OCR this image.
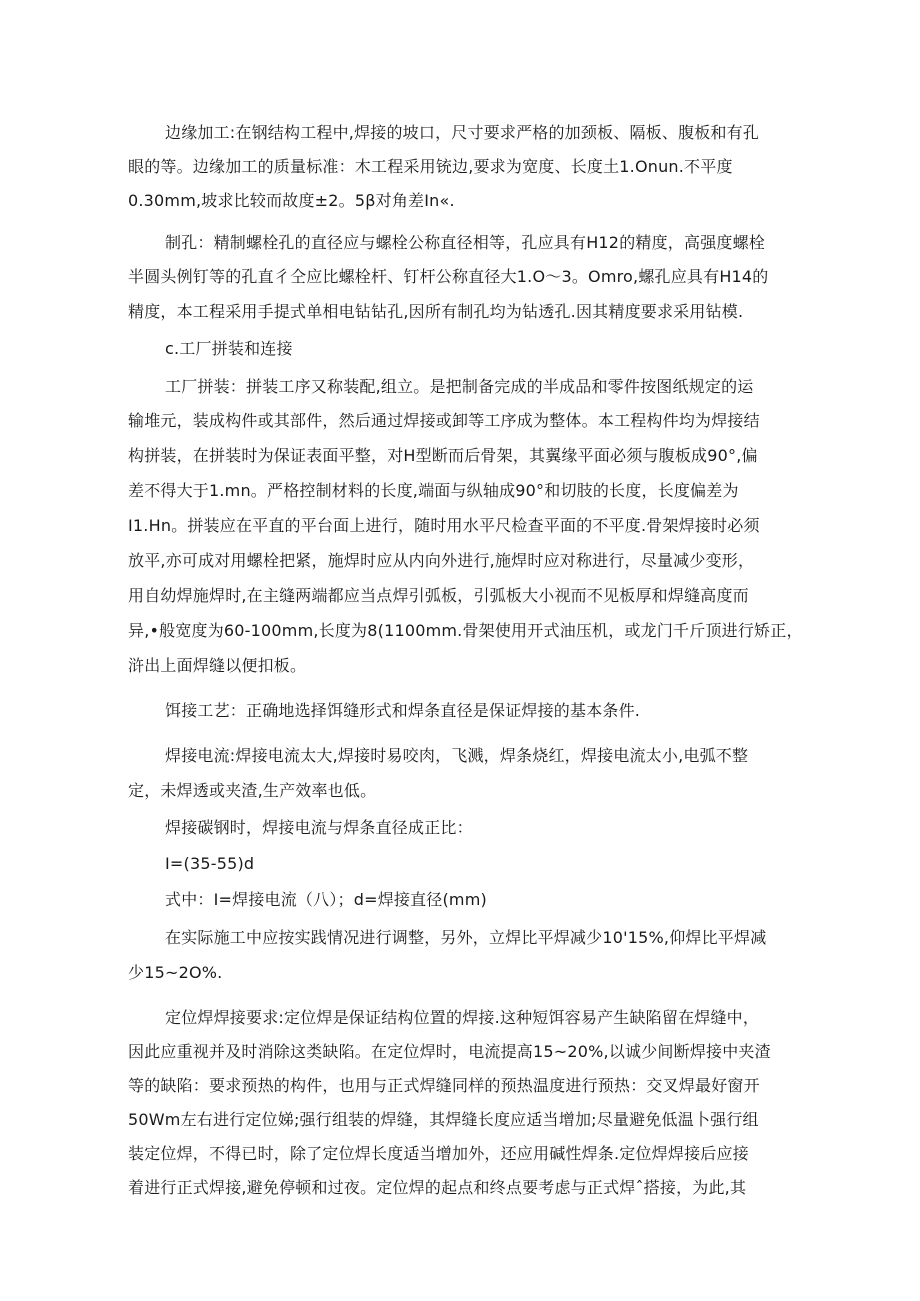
边缘加工:在钢结构工程中,焊接的坡口，尺寸要求严格的加颈板、隔板、腹板和有孔

眼的等。边缘加工的质量标准：木工程采用铳边,要求为宽度、长度土1.Onun.不平度

0.30mm,坡求比较而故度±2。5β对角差In«.

制孔：精制螺栓孔的直径应与螺栓公称直径相等，孔应具有H12的精度，高强度螺栓

半圆头例钉等的孔直彳仝应比螺栓杆、钉杆公称直径大1.O〜3。Omro,螺孔应具有H14的

精度，本工程采用手提式单相电钻钻孔,因所有制孔均为钻透孔.因其精度要求采用钻模.

c.工厂拼装和连接

工厂拼装：拼装工序又称装配,组立。是把制备完成的半成品和零件按图纸规定的运

输堆元，装成构件或其部件，然后通过焊接或卸等工序成为整体。本工程构件均为焊接结

构拼装，在拼装时为保证表面平整，对H型断而后骨架，其翼缘平面必须与腹板成90°,偏

差不得大于1.mn。严格控制材料的长度,端面与纵轴成90°和切肢的长度，长度偏差为

I1.Hn。拼装应在平直的平台面上进行，随时用水平尺检查平面的不平度.骨架焊接时必须

放平,亦可成对用螺栓把紧，施焊时应从内向外进行,施焊时应对称进行，尽量减少变形，

用自幼焊施焊时,在主缝两端都应当点焊引弧板，引弧板大小视而不见板厚和焊缝高度而

异,•般宽度为60-100mm,长度为8(1100mm.骨架使用开式油压机，或龙门千斤顶进行矫正，

浒出上面焊缝以便扣板。

饵接工艺：正确地选择饵缝形式和焊条直径是保证焊接的基本条件.

焊接电流:焊接电流太大,焊接时易咬肉，飞溅，焊条烧红，焊接电流太小,电弧不整

定，未焊透或夹渣,生产效率也低。

焊接碳钢时，焊接电流与焊条直径成正比：

I=(35-55)d

式中：I=焊接电流（八）；d=焊接直径(mm)

在实际施工中应按实践情况进行调整，另外，立焊比平焊减少10'15%,仰焊比平焊减

少15~2O%.

定位焊焊接要求:定位焊是保证结构位置的焊接.这种短饵容易产生缺陷留在焊缝中，

因此应重视并及时消除这类缺陷。在定位焊时，电流提高15~20%,以诚少间断焊接中夹渣

等的缺陷：要求预热的构件，也用与正式焊缝同样的预热温度进行预热：交叉焊最好窗开

50Wm左右进行定位娣;强行组装的焊缝，其焊缝长度应适当增加;尽量避免低温卜强行组

装定位焊，不得已时，除了定位焊长度适当增加外，还应用碱性焊条.定位焊焊接后应接

着进行正式焊接,避免停顿和过夜。定位焊的起点和终点要考虑与正式焊ˆ搭接，为此,其
